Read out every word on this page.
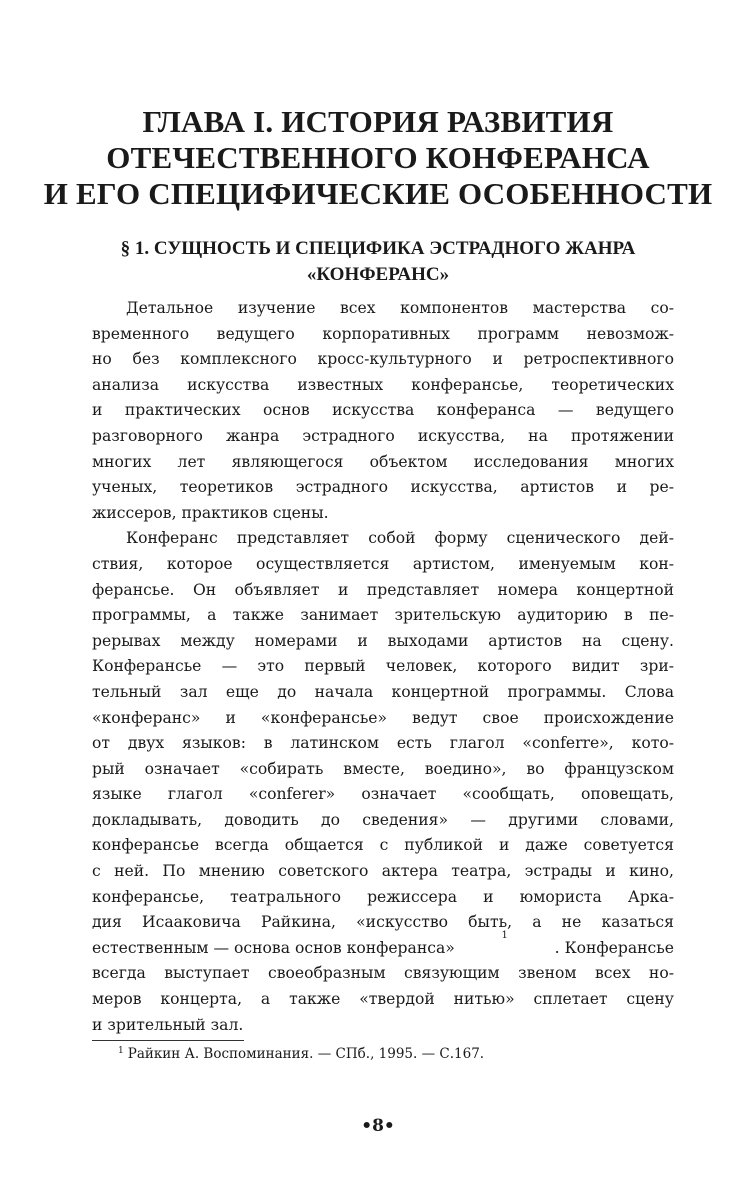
ГЛАВА I. ИСТОРИЯ РАЗВИТИЯ
ОТЕЧЕСТВЕННОГО КОНФЕРАНСА
И ЕГО СПЕЦИФИЧЕСКИЕ ОСОБЕННОСТИ
§ 1. СУЩНОСТЬ И СПЕЦИФИКА ЭСТРАДНОГО ЖАНРА
«КОНФЕРАНС»
Детальное изучение всех компонентов мастерства со-
временного ведущего корпоративных программ невозмож-
но без комплексного кросс-культурного и ретроспективного
анализа искусства известных конферансье, теоретических
и практических основ искусства конферанса — ведущего
разговорного жанра эстрадного искусства, на протяжении
многих лет являющегося объектом исследования многих
ученых, теоретиков эстрадного искусства, артистов и ре-
жиссеров, практиков сцены.
Конферанс представляет собой форму сценического дей-
ствия, которое осуществляется артистом, именуемым кон-
ферансье. Он объявляет и представляет номера концертной
программы, а также занимает зрительскую аудиторию в пе-
рерывах между номерами и выходами артистов на сцену.
Конферансье — это первый человек, которого видит зри-
тельный зал еще до начала концертной программы. Слова
«конферанс» и «конферансье» ведут свое происхождение
от двух языков: в латинском есть глагол «conferre», кото-
рый означает «собирать вместе, воедино», во французском
языке глагол «conferer» означает «сообщать, оповещать,
докладывать, доводить до сведения» — другими словами,
конферансье всегда общается с публикой и даже советуется
с ней. По мнению советского актера театра, эстрады и кино,
конферансье, театрального режиссера и юмориста Арка-
дия Исааковича Райкина, «искусство быть, а не казаться
естественным — основа основ конферанса»
1
. Конферансье
всегда выступает своеобразным связующим звеном всех но-
меров концерта, а также «твердой нитью» сплетает сцену
и зрительный зал.
$^1$ Райкин А. Воспоминания. — СПб., 1995. — С.167.
•8•
